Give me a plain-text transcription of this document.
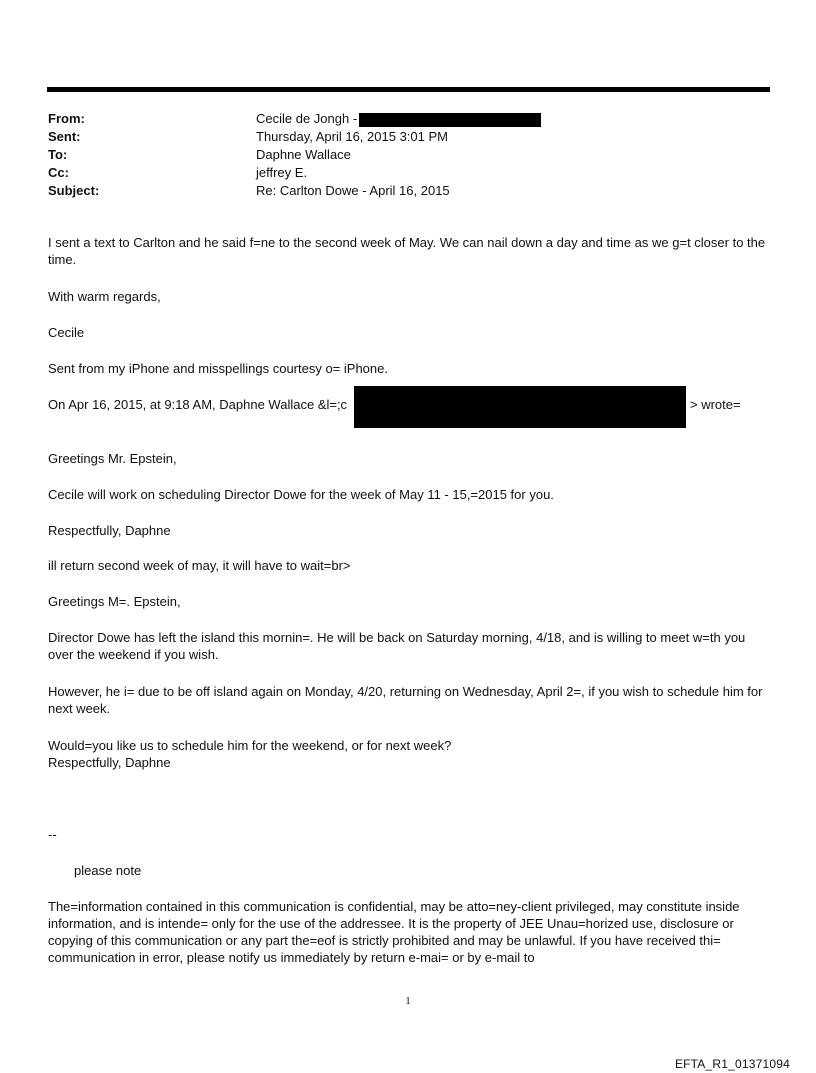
From:	Cecile de Jongh -
Sent:	Thursday, April 16, 2015 3:01 PM
To:	Daphne Wallace
Cc:	jeffrey E.
Subject:	Re: Carlton Dowe - April 16, 2015

I sent a text to Carlton and he said f=ne to the second week of May. We can nail down a day and time as we g=t closer to the time.

With warm regards,

Cecile

Sent from my iPhone and misspellings courtesy o= iPhone.

On Apr 16, 2015, at 9:18 AM, Daphne Wallace &l=;c	> wrote=

Greetings Mr. Epstein,

Cecile will work on scheduling Director Dowe for the week of May 11 - 15,=2015 for you.

Respectfully, Daphne

ill return second week of may, it will have to wait=br>

Greetings M=. Epstein,

Director Dowe has left the island this mornin=. He will be back on Saturday morning, 4/18, and is willing to meet w=th you over the weekend if you wish.

However, he i= due to be off island again on Monday, 4/20, returning on Wednesday, April 2=, if you wish to schedule him for next week.

Would=you like us to schedule him for the weekend, or for next week?

Respectfully, Daphne

--

please note

The=information contained in this communication is confidential, may be atto=ney-client privileged, may constitute inside information, and is intende= only for the use of the addressee. It is the property of JEE Unau=horized use, disclosure or copying of this communication or any part the=eof is strictly prohibited and may be unlawful. If you have received thi= communication in error, please notify us immediately by return e-mai= or by e-mail to

1
EFTA_R1_01371094
